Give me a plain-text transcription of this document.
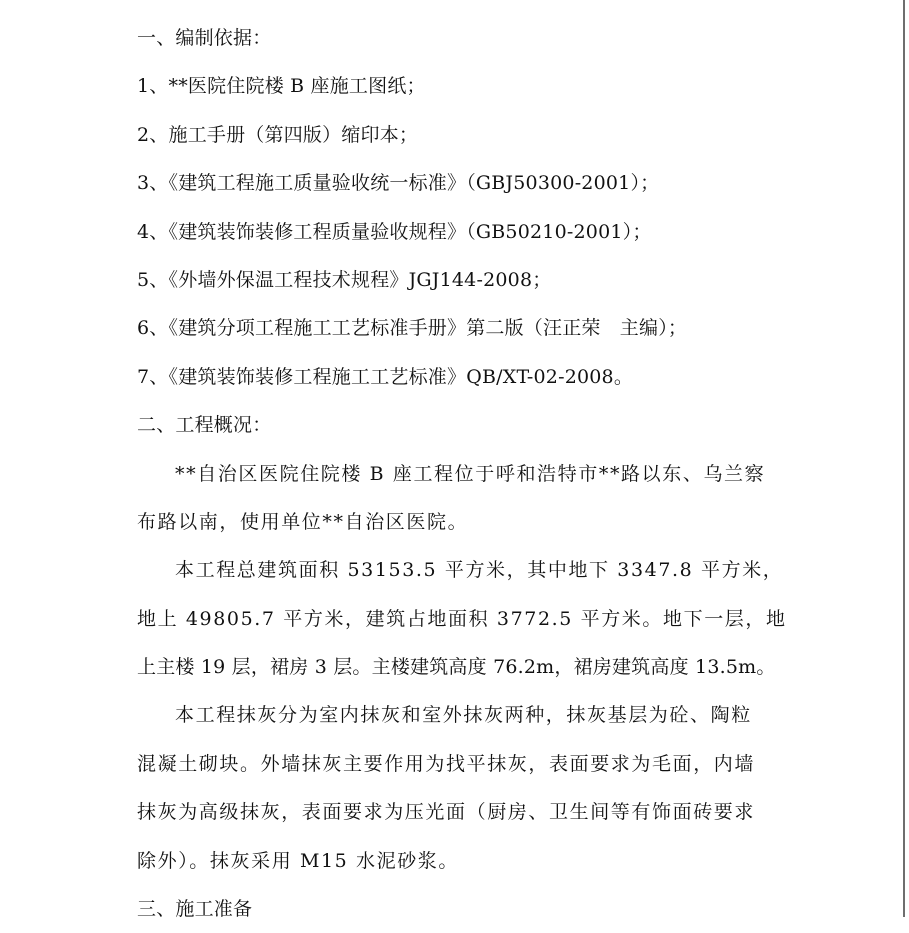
一、编制依据：
1、**医院住院楼 B 座施工图纸；
2、施工手册（第四版）缩印本；
3、《建筑工程施工质量验收统一标准》（GBJ50300-2001）；
4、《建筑装饰装修工程质量验收规程》（GB50210-2001）；
5、《外墙外保温工程技术规程》JGJ144-2008；
6、《建筑分项工程施工工艺标准手册》第二版（汪正荣　主编）；
7、《建筑装饰装修工程施工工艺标准》QB/XT-02-2008。
二、工程概况：
**自治区医院住院楼 B 座工程位于呼和浩特市**路以东、乌兰察
布路以南，使用单位**自治区医院。
本工程总建筑面积 53153.5 平方米，其中地下 3347.8 平方米，
地上 49805.7 平方米，建筑占地面积 3772.5 平方米。地下一层，地
上主楼 19 层，裙房 3 层。主楼建筑高度 76.2m，裙房建筑高度 13.5m。
本工程抹灰分为室内抹灰和室外抹灰两种，抹灰基层为砼、陶粒
混凝土砌块。外墙抹灰主要作用为找平抹灰，表面要求为毛面，内墙
抹灰为高级抹灰，表面要求为压光面（厨房、卫生间等有饰面砖要求
除外）。抹灰采用 M15 水泥砂浆。
三、施工准备
